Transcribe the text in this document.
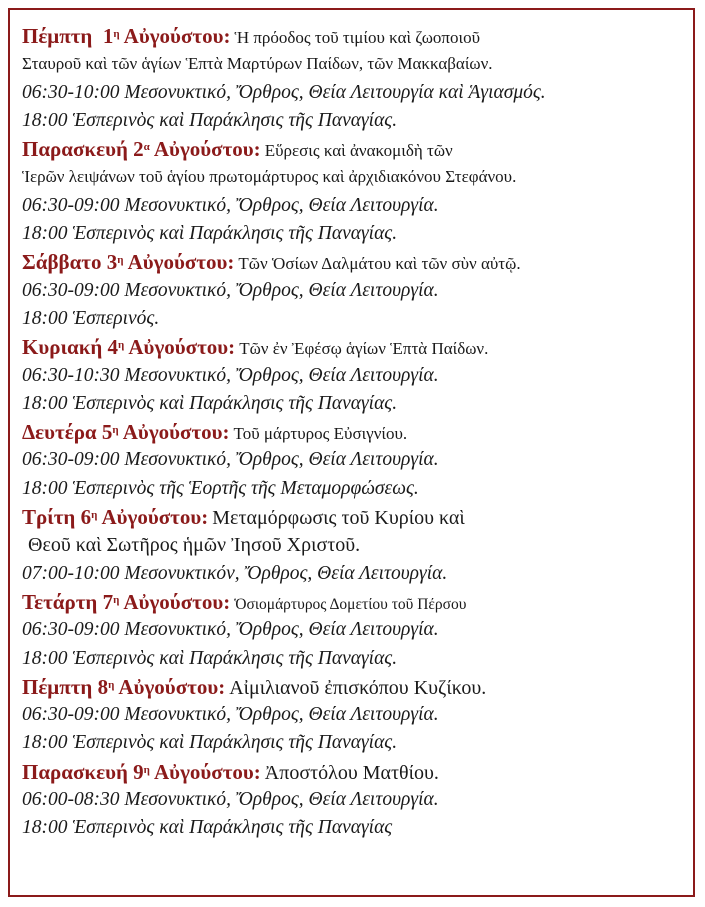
Πέμπτη $1^\eta$ Αὐγούστου: Ἡ πρόοδος τοῦ τιμίου καὶ ζωοποιοῦ
Σταυροῦ καὶ τῶν ἁγίων Ἑπτὰ Μαρτύρων Παίδων, τῶν Μακκαβαίων.
06:30-10:00 Μεσονυκτικό, Ὄρθρος, Θεία Λειτουργία καὶ Ἁγιασμός.
18:00 Ἑσπερινὸς καὶ Παράκλησις τῆς Παναγίας.
Παρασκευή $2^\alpha$ Αὐγούστου: Εὕρεσις καὶ ἀνακομιδὴ τῶν
Ἱερῶν λειψάνων τοῦ ἁγίου πρωτομάρτυρος καὶ ἀρχιδιακόνου Στεφάνου.
06:30-09:00 Μεσονυκτικό, Ὄρθρος, Θεία Λειτουργία.
18:00 Ἑσπερινὸς καὶ Παράκλησις τῆς Παναγίας.
Σάββατο $3^\eta$ Αὐγούστου: Τῶν Ὁσίων Δαλμάτου καὶ τῶν σὺν αὐτῷ.
06:30-09:00 Μεσονυκτικό, Ὄρθρος, Θεία Λειτουργία.
18:00 Ἑσπερινός.
Κυριακή $4^\eta$ Αὐγούστου: Τῶν ἐν Ἐφέσῳ ἁγίων Ἑπτὰ Παίδων.
06:30-10:30 Μεσονυκτικό, Ὄρθρος, Θεία Λειτουργία.
18:00 Ἑσπερινὸς καὶ Παράκλησις τῆς Παναγίας.
Δευτέρα $5^\eta$ Αὐγούστου: Τοῦ μάρτυρος Εὐσιγνίου.
06:30-09:00 Μεσονυκτικό, Ὄρθρος, Θεία Λειτουργία.
18:00 Ἑσπερινὸς τῆς Ἑορτῆς τῆς Μεταμορφώσεως.
Τρίτη $6^\eta$ Αὐγούστου: Μεταμόρφωσις τοῦ Κυρίου καὶ
Θεοῦ καὶ Σωτῆρος ἡμῶν Ἰησοῦ Χριστοῦ.
07:00-10:00 Μεσονυκτικόν, Ὄρθρος, Θεία Λειτουργία.
Τετάρτη $7^\eta$ Αὐγούστου: Ὁσιομάρτυρος Δομετίου τοῦ Πέρσου
06:30-09:00 Μεσονυκτικό, Ὄρθρος, Θεία Λειτουργία.
18:00 Ἑσπερινὸς καὶ Παράκλησις τῆς Παναγίας.
Πέμπτη $8^\eta$ Αὐγούστου: Αἰμιλιανοῦ ἐπισκόπου Κυζίκου.
06:30-09:00 Μεσονυκτικό, Ὄρθρος, Θεία Λειτουργία.
18:00 Ἑσπερινὸς καὶ Παράκλησις τῆς Παναγίας.
Παρασκευή $9^\eta$ Αὐγούστου: Ἀποστόλου Ματθίου.
06:00-08:30 Μεσονυκτικό, Ὄρθρος, Θεία Λειτουργία.
18:00 Ἑσπερινὸς καὶ Παράκλησις τῆς Παναγίας
